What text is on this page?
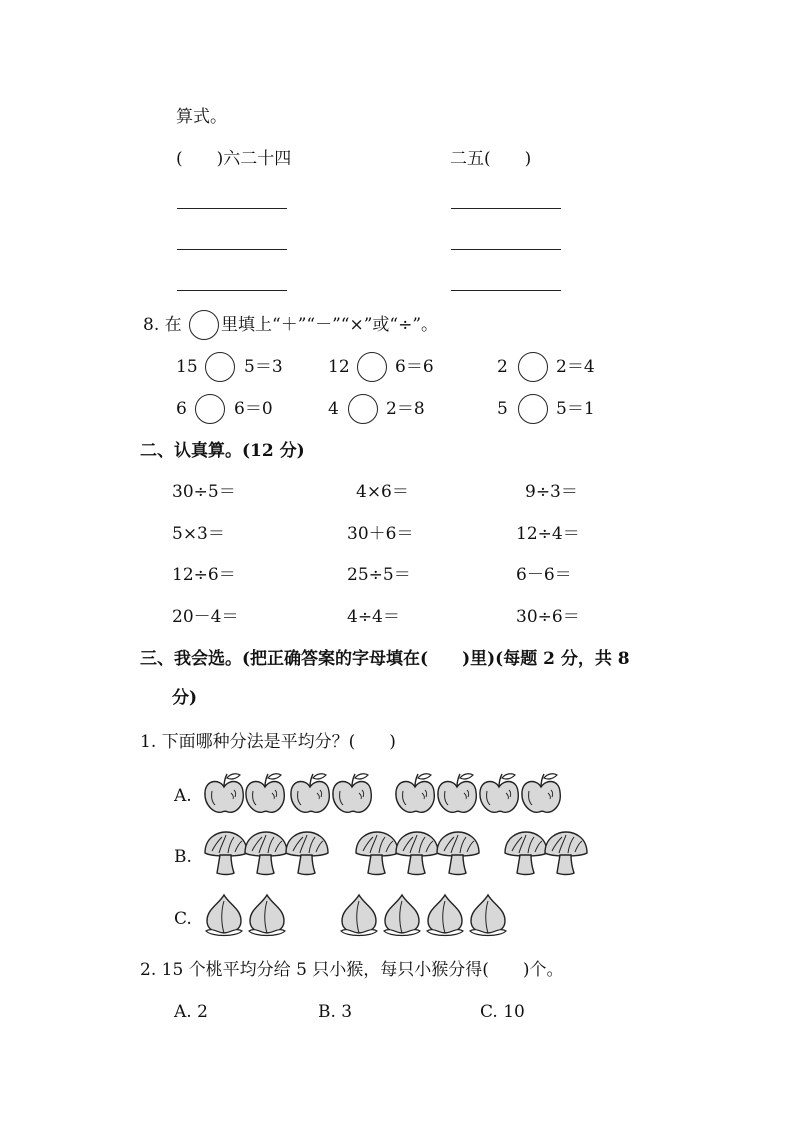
算式。
(　　)六二十四	二五(　　)
8. 在 里填上“＋”“－”“×”或“÷”。
15	5＝3	12	6＝6	2	2＝4
6	6＝0	4	2＝8	5	5＝1
二、认真算。(12 分)
30÷5＝	4×6＝	9÷3＝
5×3＝	30＋6＝	12÷4＝
12÷6＝	25÷5＝	6－6＝
20－4＝	4÷4＝	30÷6＝
三、我会选。(把正确答案的字母填在(　　)里)(每题 2 分，共 8
分)
1. 下面哪种分法是平均分？(　　)
A.
B.
C.
2. 15 个桃平均分给 5 只小猴，每只小猴分得(　　)个。
A. 2	B. 3	C. 10
